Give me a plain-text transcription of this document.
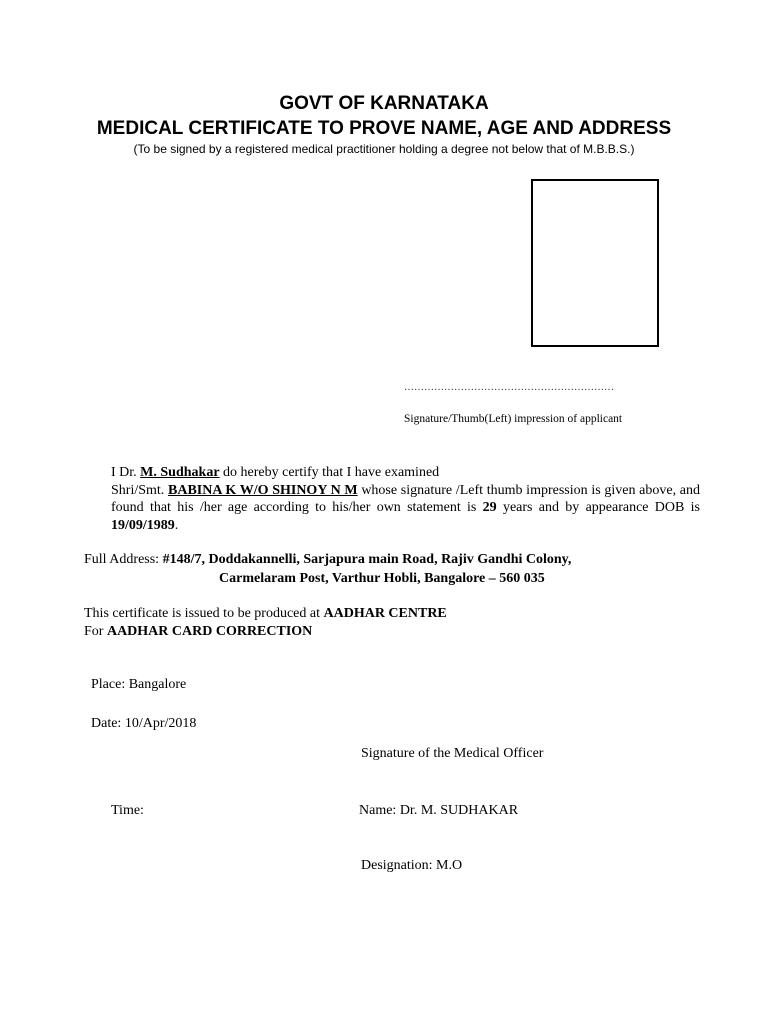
GOVT OF KARNATAKA
MEDICAL CERTIFICATE TO PROVE NAME, AGE AND ADDRESS
(To be signed by a registered medical practitioner holding a degree not below that of M.B.B.S.)
………………………………………………………
Signature/Thumb(Left) impression of applicant
I Dr. M. Sudhakar do hereby certify that I have examined
Shri/Smt. BABINA K W/O SHINOY N M whose signature /Left thumb impression is given above, and found that his /her age according to his/her own statement is 29 years and by appearance DOB is 19/09/1989.
Full Address: #148/7, Doddakannelli, Sarjapura main Road, Rajiv Gandhi Colony,
Carmelaram Post, Varthur Hobli, Bangalore – 560 035
This certificate is issued to be produced at AADHAR CENTRE
For AADHAR CARD CORRECTION
Place: Bangalore
Date: 10/Apr/2018
Signature of the Medical Officer
Time:	Name: Dr. M. SUDHAKAR
Designation: M.O
